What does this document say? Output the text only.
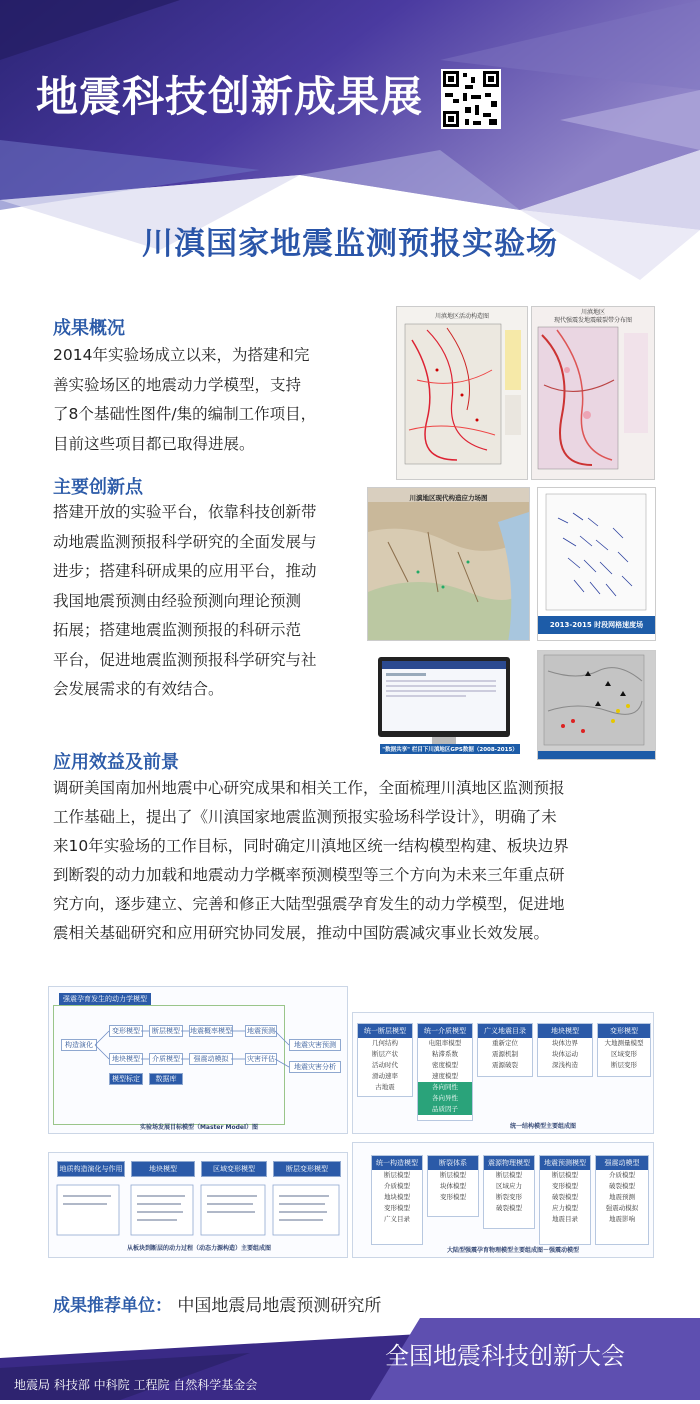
地震科技创新成果展
川滇国家地震监测预报实验场
成果概况
2014年实验场成立以来，为搭建和完
善实验场区的地震动力学模型，支持
了8个基础性图件/集的编制工作项目，
目前这些项目都已取得进展。
主要创新点
搭建开放的实验平台，依靠科技创新带
动地震监测预报科学研究的全面发展与
进步；搭建科研成果的应用平台，推动
我国地震预测由经验预测向理论预测
拓展；搭建地震监测预报的科研示范
平台，促进地震监测预报科学研究与社
会发展需求的有效结合。
川滇地区活动构造图
川滇地区
现代强震发地震破裂带分布图
川滇地区现代构造应力场图
2013-2015 时段网格速度场
"数据共享" 栏目下川滇地区GPS数据（2008-2015）
应用效益及前景
调研美国南加州地震中心研究成果和相关工作，全面梳理川滇地区监测预报
工作基础上，提出了《川滇国家地震监测预报实验场科学设计》，明确了未
来10年实验场的工作目标，同时确定川滇地区统一结构模型构建、板块边界
到断裂的动力加载和地震动力学概率预测模型等三个方向为未来三年重点研
究方向，逐步建立、完善和修正大陆型强震孕育发生的动力学模型，促进地
震相关基础研究和应用研究协同发展，推动中国防震减灾事业长效发展。
强震孕育发生的动力学模型
构造演化
变形模型	断层模型	地震概率模型 地震预测
地块模型	介质模型	强震动模拟	灾害评估
地震灾害预测
地震灾害分析
模型标定	数据库
实验场发展目标模型（Master Model）图
统一断层模型
几何结构
断层产状
活动时代
滑动速率
古地震
统一介质模型
电阻率模型
粘滞系数
密度模型
速度模型
各向同性
各向异性
品质因子
广义地震目录
重新定位
震源机制
震源破裂
地块模型
块体边界
块体运动
深浅构造
变形模型
大地测量模型
区域变形
断层变形
统一结构模型主要组成图
地质构造演化与作用	地块模型	区域变形模型	断层变形模型
从板块到断层的动力过程（动态力源构造）主要组成图
统一构造模型
断层模型
介质模型
地块模型
变形模型
广义目录
断裂体系
断层模型
块体模型
变形模型
震源物理模型
断层模型
区域应力
断裂变形
破裂模型
地震预测模型
断层模型
变形模型
破裂模型
应力模型
地震目录
强震动模型
介质模型
破裂模型
地震预测
强震动模拟
地震影响
大陆型强震孕育物理模型主要组成图－强震动模型
成果推荐单位： 中国地震局地震预测研究所
全国地震科技创新大会
地震局 科技部 中科院 工程院 自然科学基金会
